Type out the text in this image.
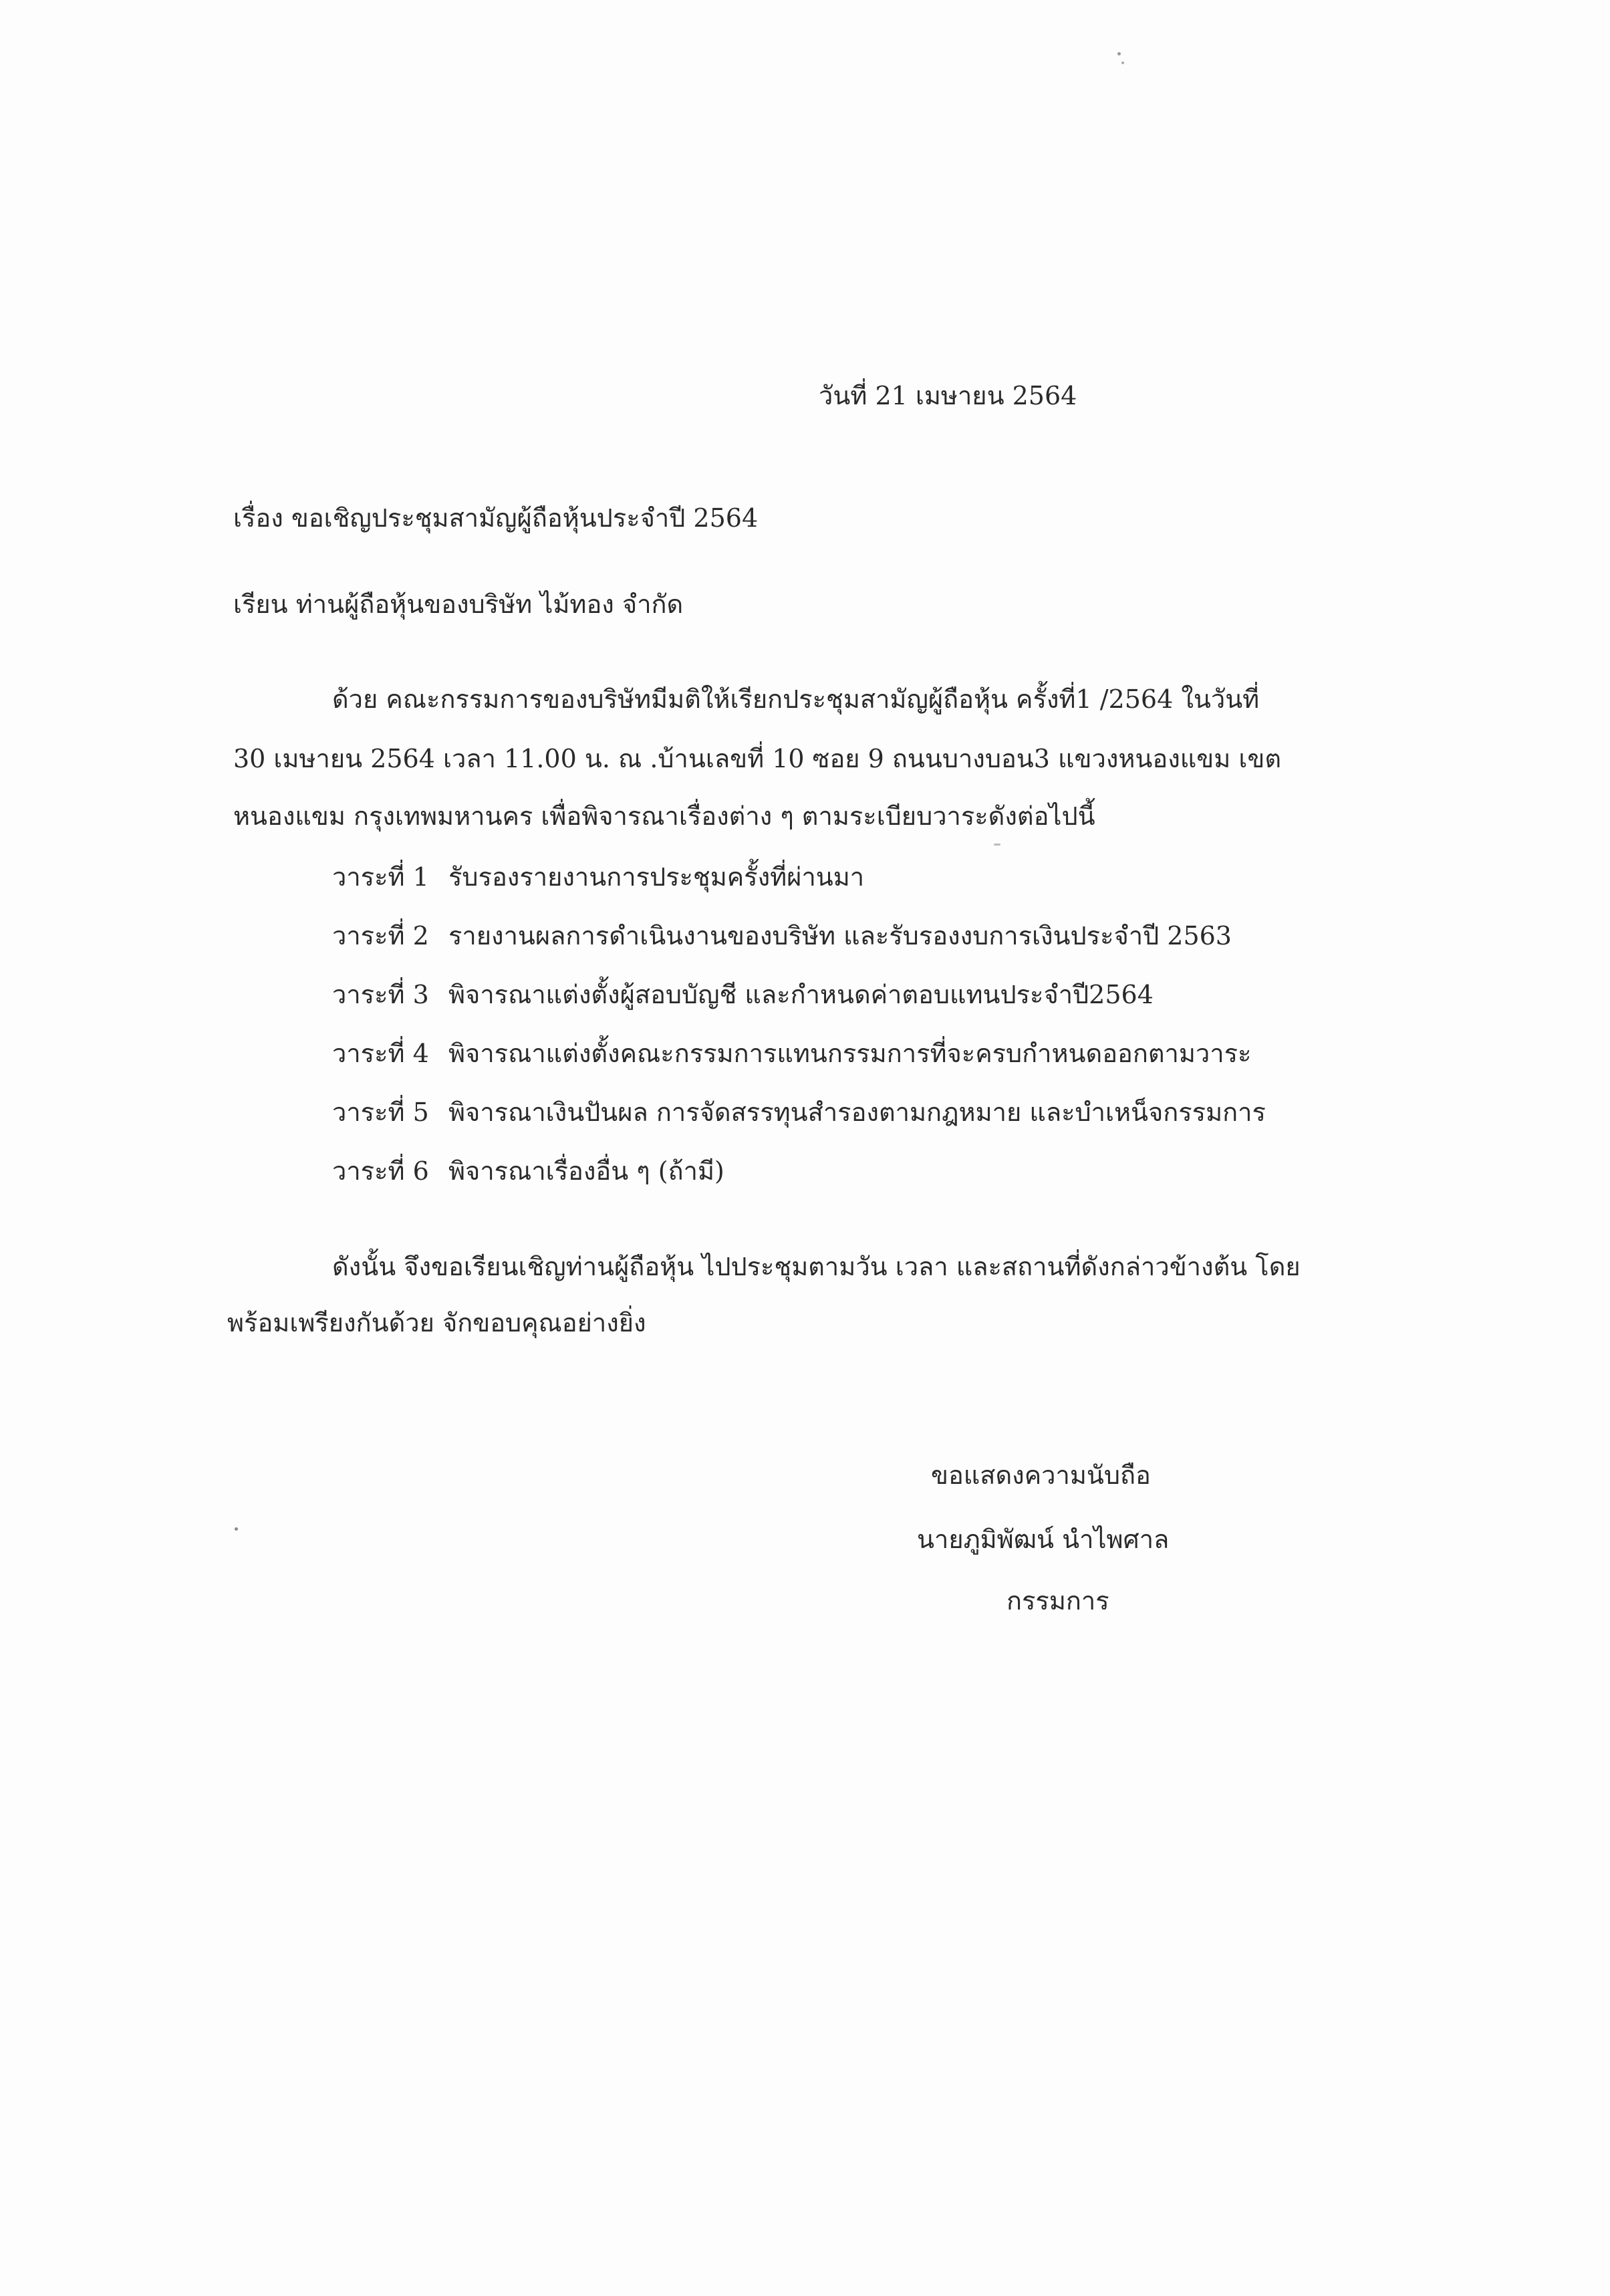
วันที่ 21 เมษายน 2564
เรื่อง ขอเชิญประชุมสามัญผู้ถือหุ้นประจำปี 2564
เรียน ท่านผู้ถือหุ้นของบริษัท ไม้ทอง จำกัด
ด้วย คณะกรรมการของบริษัทมีมติให้เรียกประชุมสามัญผู้ถือหุ้น ครั้งที่1 /2564 ในวันที่
30 เมษายน 2564 เวลา 11.00 น. ณ .บ้านเลขที่ 10 ซอย 9 ถนนบางบอน3 แขวงหนองแขม เขต
หนองแขม กรุงเทพมหานคร เพื่อพิจารณาเรื่องต่าง ๆ ตามระเบียบวาระดังต่อไปนี้
วาระที่ 1 รับรองรายงานการประชุมครั้งที่ผ่านมา
วาระที่ 2 รายงานผลการดำเนินงานของบริษัท และรับรองงบการเงินประจำปี 2563
วาระที่ 3 พิจารณาแต่งตั้งผู้สอบบัญชี และกำหนดค่าตอบแทนประจำปี2564
วาระที่ 4 พิจารณาแต่งตั้งคณะกรรมการแทนกรรมการที่จะครบกำหนดออกตามวาระ
วาระที่ 5 พิจารณาเงินปันผล การจัดสรรทุนสำรองตามกฎหมาย และบำเหน็จกรรมการ
วาระที่ 6 พิจารณาเรื่องอื่น ๆ (ถ้ามี)
ดังนั้น จึงขอเรียนเชิญท่านผู้ถือหุ้น ไปประชุมตามวัน เวลา และสถานที่ดังกล่าวข้างต้น โดย
พร้อมเพรียงกันด้วย จักขอบคุณอย่างยิ่ง
ขอแสดงความนับถือ
นายภูมิพัฒน์ นำไพศาล
กรรมการ
